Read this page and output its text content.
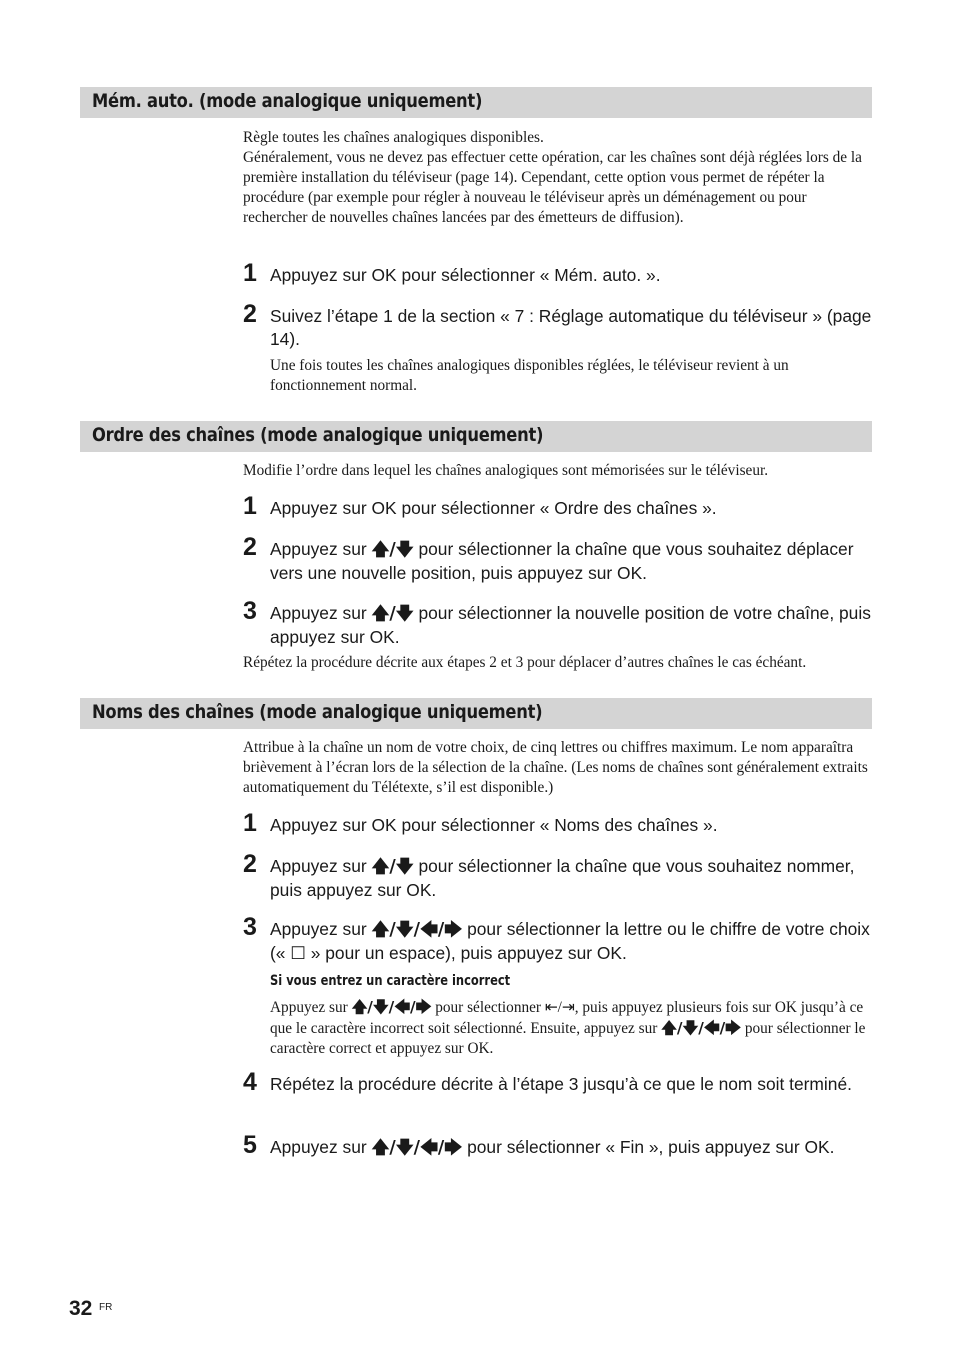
Mém. auto. (mode analogique uniquement)

Règle toutes les chaînes analogiques disponibles.

Généralement, vous ne devez pas effectuer cette opération, car les chaînes sont déjà réglées lors de la première installation du téléviseur (page 14). Cependant, cette option vous permet de répéter la procédure (par exemple pour régler à nouveau le téléviseur après un déménagement ou pour rechercher de nouvelles chaînes lancées par des émetteurs de diffusion).

1 Appuyez sur OK pour sélectionner « Mém. auto. ».
2 Suivez l’étape 1 de la section « 7 : Réglage automatique du téléviseur » (page 14).

Une fois toutes les chaînes analogiques disponibles réglées, le téléviseur revient à un fonctionnement normal.

Ordre des chaînes (mode analogique uniquement)

Modifie l’ordre dans lequel les chaînes analogiques sont mémorisées sur le téléviseur.

1 Appuyez sur OK pour sélectionner « Ordre des chaînes ».
2 Appuyez sur 🡅/🡇 pour sélectionner la chaîne que vous souhaitez déplacer vers une nouvelle position, puis appuyez sur OK.
3 Appuyez sur 🡅/🡇 pour sélectionner la nouvelle position de votre chaîne, puis appuyez sur OK.

Répétez la procédure décrite aux étapes 2 et 3 pour déplacer d’autres chaînes le cas échéant.

Noms des chaînes (mode analogique uniquement)

Attribue à la chaîne un nom de votre choix, de cinq lettres ou chiffres maximum. Le nom apparaîtra brièvement à l’écran lors de la sélection de la chaîne. (Les noms de chaînes sont généralement extraits automatiquement du Télétexte, s’il est disponible.)

1 Appuyez sur OK pour sélectionner « Noms des chaînes ».
2 Appuyez sur 🡅/🡇 pour sélectionner la chaîne que vous souhaitez nommer, puis appuyez sur OK.
3 Appuyez sur 🡅/🡇/🡄/🡆 pour sélectionner la lettre ou le chiffre de votre choix (« ☐ » pour un espace), puis appuyez sur OK.
Si vous entrez un caractère incorrect

Appuyez sur 🡅/🡇/🡄/🡆 pour sélectionner ⇤/⇥, puis appuyez plusieurs fois sur OK jusqu’à ce que le caractère incorrect soit sélectionné. Ensuite, appuyez sur 🡅/🡇/🡄/🡆 pour sélectionner le caractère correct et appuyez sur OK.

4 Répétez la procédure décrite à l’étape 3 jusqu’à ce que le nom soit terminé.
5 Appuyez sur 🡅/🡇/🡄/🡆 pour sélectionner « Fin », puis appuyez sur OK.
32 FR
